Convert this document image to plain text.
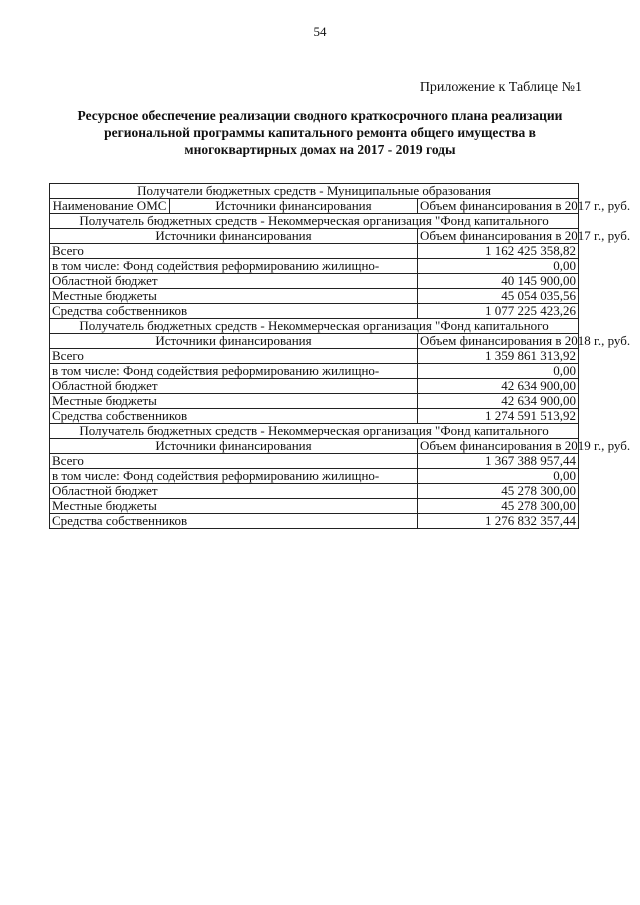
54
Приложение к Таблице №1
Ресурсное обеспечение реализации сводного краткосрочного плана реализации региональной программы капитального ремонта общего имущества в многоквартирных домах на 2017 - 2019 годы
Получатели бюджетных средств - Муниципальные образования		
Наименование ОМС	Источники финансирования	Объем финансирования в 2017 г., руб.
Получатель бюджетных средств - Некоммерческая организация "Фонд капитального		
Источники финансирования		Объем финансирования в 2017 г., руб.
Всего		1 162 425 358,82
в том числе: Фонд содействия реформированию жилищно-		0,00
Областной бюджет		40 145 900,00
Местные бюджеты		45 054 035,56
Средства собственников		1 077 225 423,26
Получатель бюджетных средств - Некоммерческая организация "Фонд капитального		
Источники финансирования		Объем финансирования в 2018 г., руб.
Всего		1 359 861 313,92
в том числе: Фонд содействия реформированию жилищно-		0,00
Областной бюджет		42 634 900,00
Местные бюджеты		42 634 900,00
Средства собственников		1 274 591 513,92
Получатель бюджетных средств - Некоммерческая организация "Фонд капитального		
Источники финансирования		Объем финансирования в 2019 г., руб.
Всего		1 367 388 957,44
в том числе: Фонд содействия реформированию жилищно-		0,00
Областной бюджет		45 278 300,00
Местные бюджеты		45 278 300,00
Средства собственников		1 276 832 357,44
